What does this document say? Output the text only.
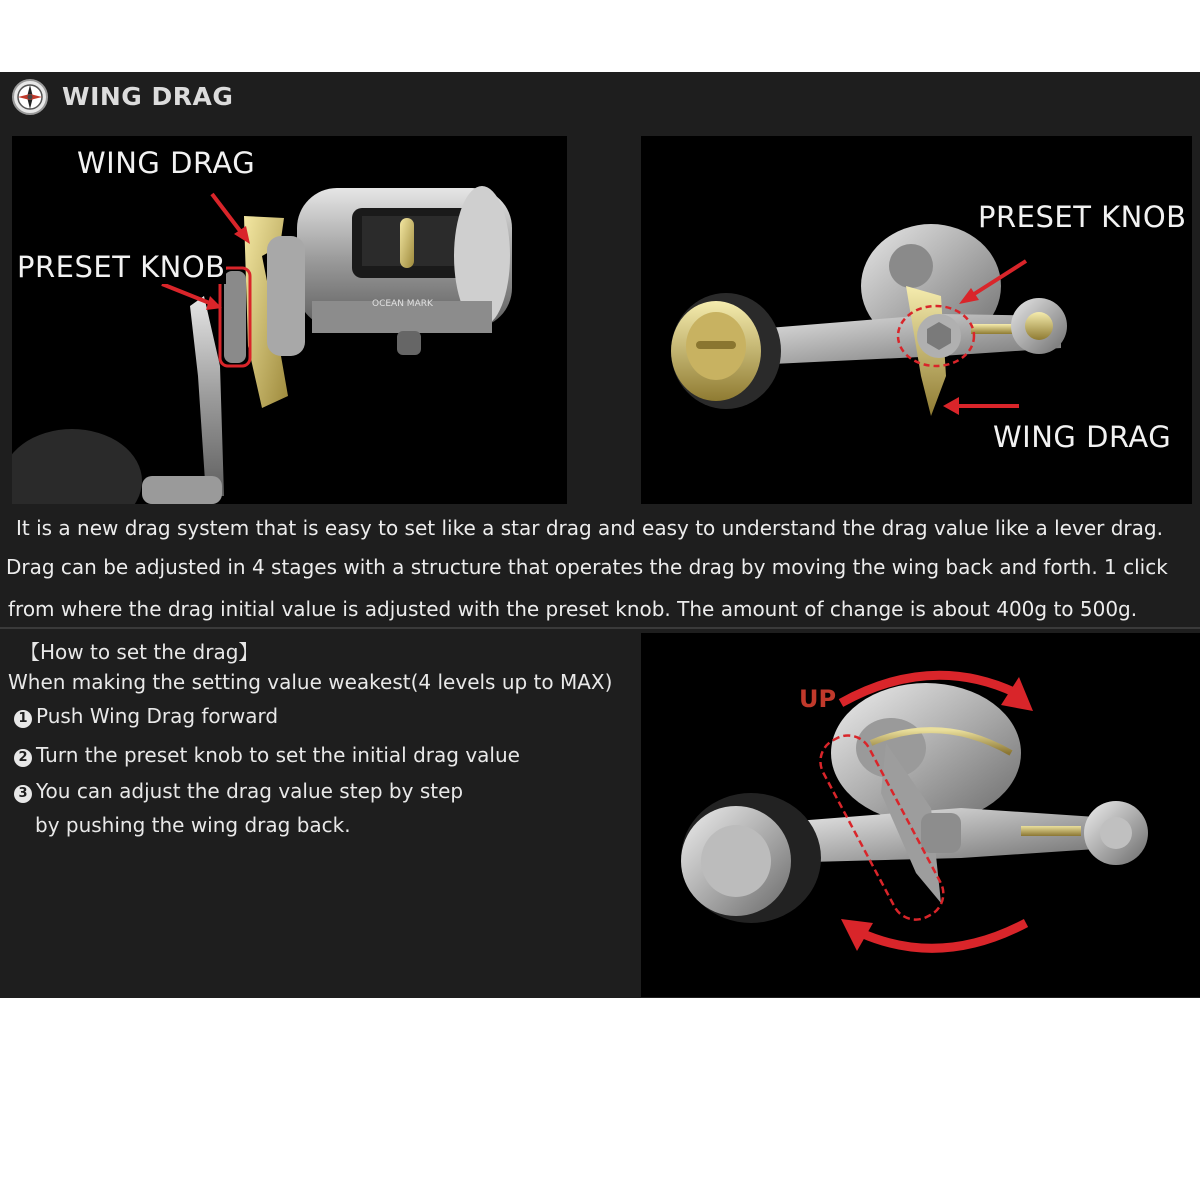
WING DRAG
OCEAN MARK
WING DRAG
PRESET KNOB
PRESET KNOB
WING DRAG
It is a new drag system that is easy to set like a star drag and easy to understand the drag value like a lever drag.
Drag can be adjusted in 4 stages with a structure that operates the drag by moving the wing back and forth. 1 click
from where the drag initial value is adjusted with the preset knob. The amount of change is about 400g to 500g.
【How to set the drag】
When making the setting value weakest(4 levels up to MAX)
1 Push Wing Drag forward
2 Turn the preset knob to set the initial drag value
3 You can adjust the drag value step by step
by pushing the wing drag back.
UP
